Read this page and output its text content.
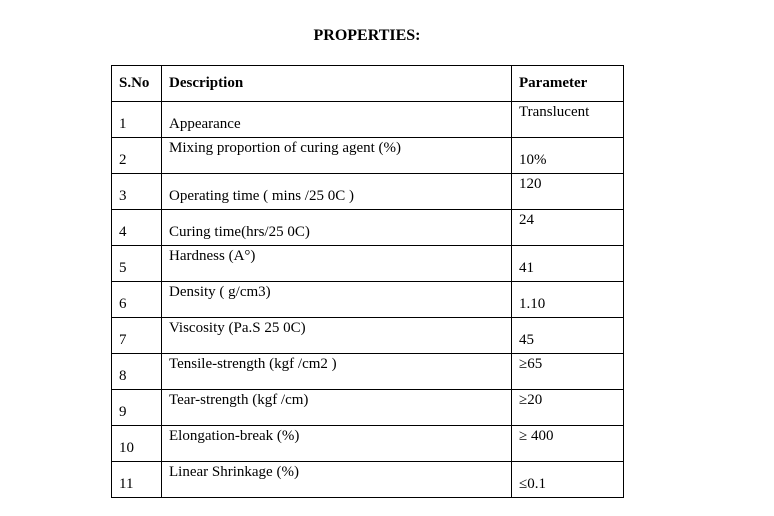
PROPERTIES:
S.No	Description	Parameter

1	Appearance	Translucent

2	Mixing proportion of curing agent (%)	10%

3	Operating time ( mins /25 0C )	120

4	Curing time(hrs/25 0C)	24

5	Hardness (A°)	41

6	Density ( g/cm3)	1.10

7	Viscosity (Pa.S 25 0C)	45

8	Tensile-strength (kgf /cm2 )	≥65

9	Tear-strength (kgf /cm)	≥20

10	Elongation-break (%)	≥ 400

11	Linear Shrinkage (%)	≤0.1
